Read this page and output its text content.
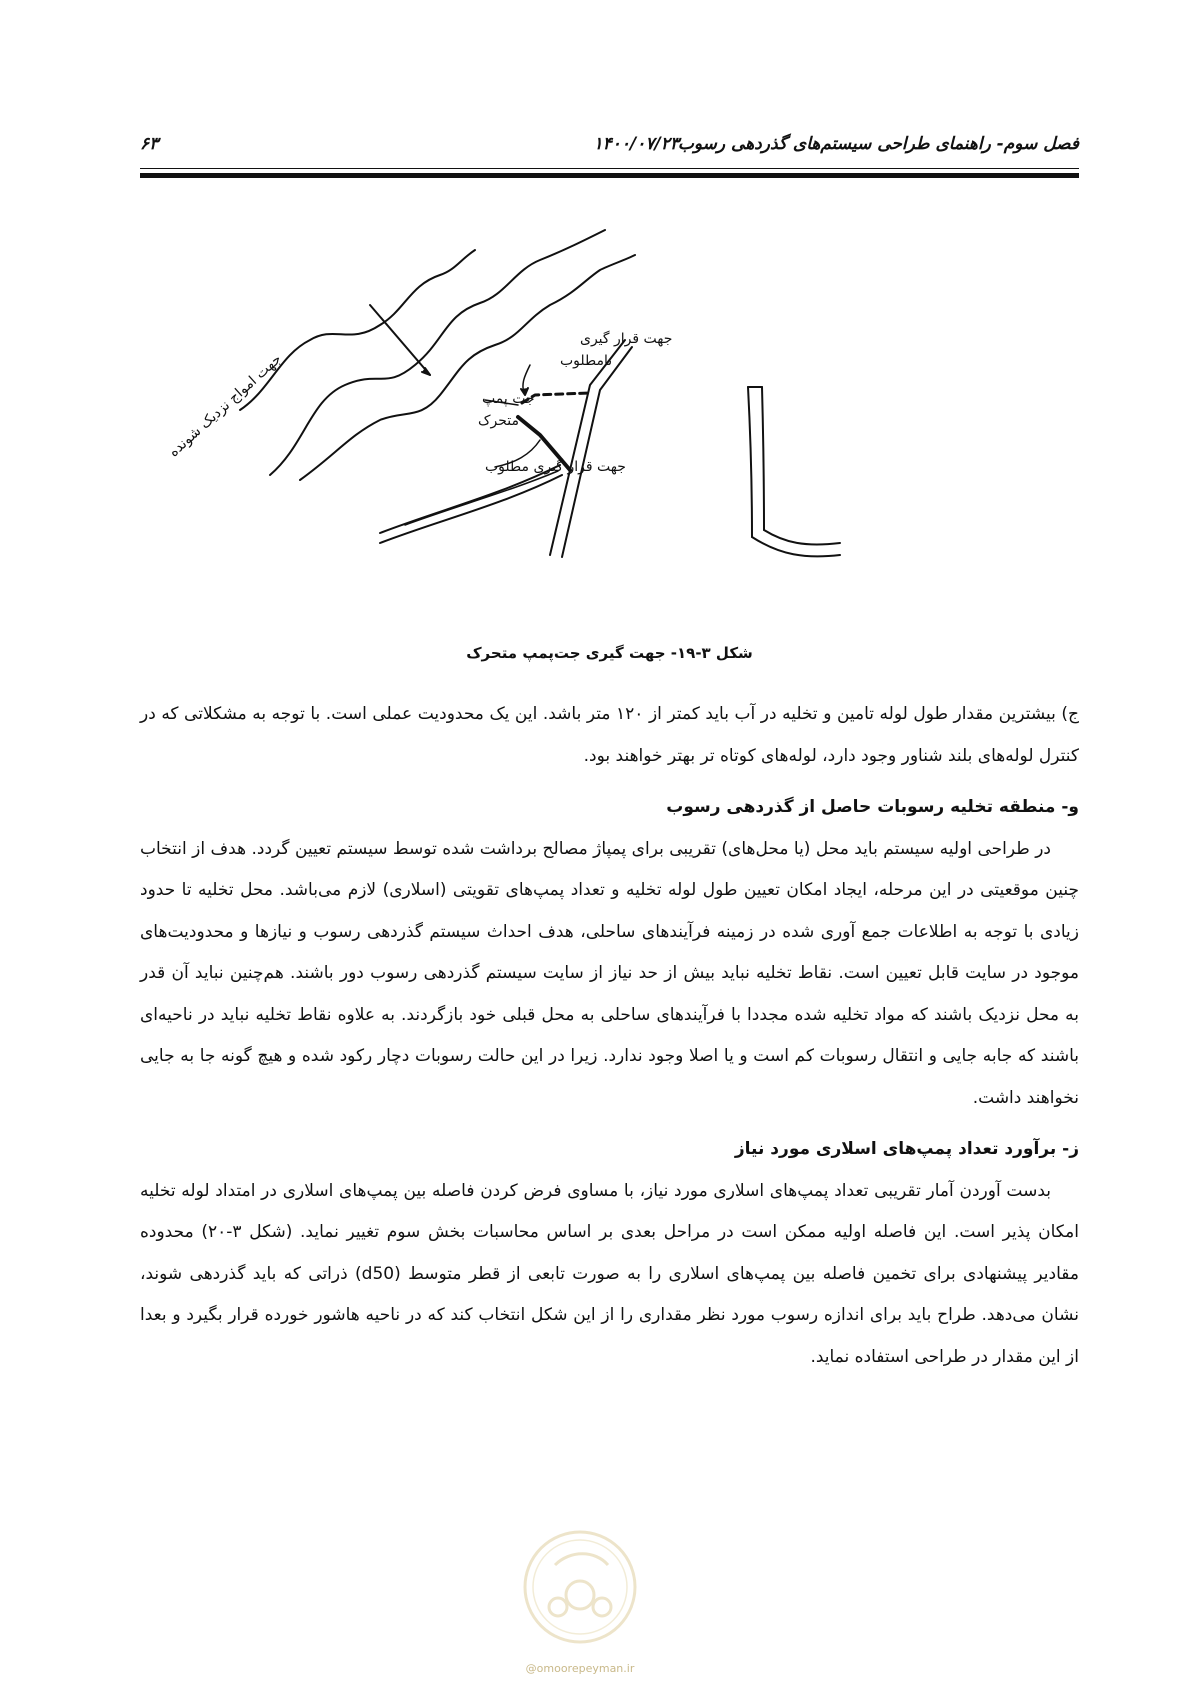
فصل سوم- راهنمای طراحی سیستم‌های گذردهی رسوب
۱۴۰۰/۰۷/۲۳
۶۳
جهت امواج نزدیک شونده
جهت قرار گیری
نامطلوب
جت پمپ
متحرک
جهت قرار گیری مطلوب
شکل ۳-۱۹- جهت گیری جت‌پمپ متحرک

ج) بیشترین مقدار طول لوله تامین و تخلیه در آب باید کمتر از ۱۲۰ متر باشد. این یک محدودیت عملی است. با توجه به مشکلاتی که در کنترل لوله‌های بلند شناور وجود دارد، لوله‌های کوتاه تر بهتر خواهند بود.

و- منطقه تخلیه رسوبات حاصل از گذردهی رسوب

در طراحی اولیه سیستم باید محل (یا محل‌های) تقریبی برای پمپاژ مصالح برداشت شده توسط سیستم تعیین گردد. هدف از انتخاب چنین موقعیتی در این مرحله، ایجاد امکان تعیین طول لوله تخلیه و تعداد پمپ‌های تقویتی (اسلاری) لازم می‌باشد. محل تخلیه تا حدود زیادی با توجه به اطلاعات جمع آوری شده در زمینه فرآیندهای ساحلی، هدف احداث سیستم گذردهی رسوب و نیازها و محدودیت‌های موجود در سایت قابل تعیین است. نقاط تخلیه نباید بیش از حد نیاز از سایت سیستم گذردهی رسوب دور باشند. هم‌چنین نباید آن قدر به محل نزدیک باشند که مواد تخلیه شده مجددا با فرآیندهای ساحلی به محل قبلی خود بازگردند. به علاوه نقاط تخلیه نباید در ناحیه‌ای باشند که جابه جایی و انتقال رسوبات کم است و یا اصلا وجود ندارد. زیرا در این حالت رسوبات دچار رکود شده و هیچ گونه جا به جایی نخواهند داشت.

ز- برآورد تعداد پمپ‌های اسلاری مورد نیاز

بدست آوردن آمار تقریبی تعداد پمپ‌های اسلاری مورد نیاز، با مساوی فرض کردن فاصله بین پمپ‌های اسلاری در امتداد لوله تخلیه امکان پذیر است. این فاصله اولیه ممکن است در مراحل بعدی بر اساس محاسبات بخش سوم تغییر نماید. (شکل ۳-۲۰) محدوده مقادیر پیشنهادی برای تخمین فاصله بین پمپ‌های اسلاری را به صورت تابعی از قطر متوسط (d50) ذراتی که باید گذردهی شوند، نشان می‌دهد. طراح باید برای اندازه رسوب مورد نظر مقداری را از این شکل انتخاب کند که در ناحیه هاشور خورده قرار بگیرد و بعدا از این مقدار در طراحی استفاده نماید.

@omoorepeyman.ir
